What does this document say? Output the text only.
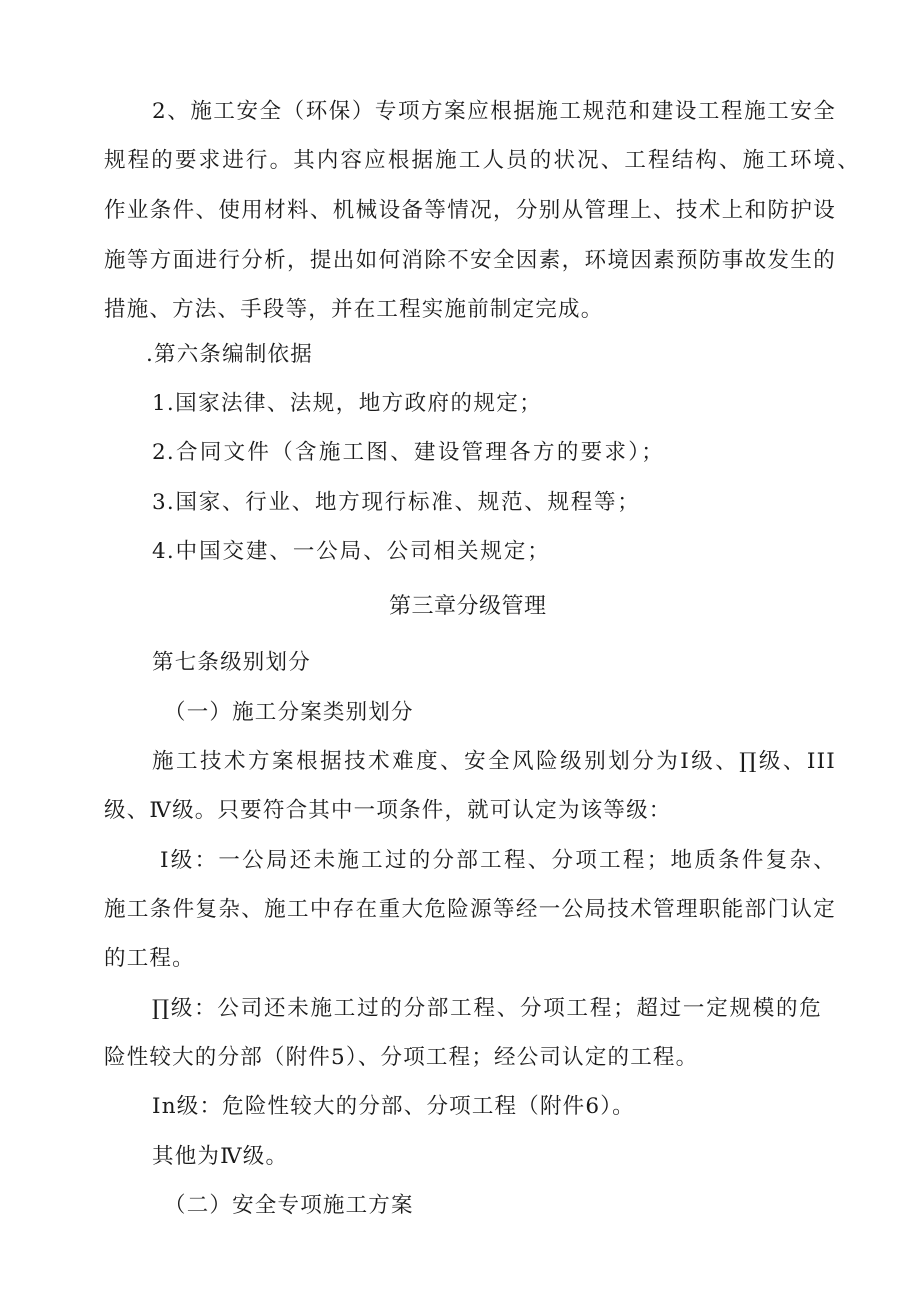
2、施工安全（环保）专项方案应根据施工规范和建设工程施工安全
规程的要求进行。其内容应根据施工人员的状况、工程结构、施工环境、
作业条件、使用材料、机械设备等情况，分别从管理上、技术上和防护设
施等方面进行分析，提出如何消除不安全因素，环境因素预防事故发生的
措施、方法、手段等，并在工程实施前制定完成。
.第六条编制依据
1.国家法律、法规，地方政府的规定；
2.合同文件（含施工图、建设管理各方的要求）；
3.国家、行业、地方现行标准、规范、规程等；
4.中国交建、一公局、公司相关规定；
第三章分级管理
第七条级别划分
（一）施工分案类别划分
施工技术方案根据技术难度、安全风险级别划分为Ⅰ级、∏级、III
级、Ⅳ级。只要符合其中一项条件，就可认定为该等级：
Ⅰ级：一公局还未施工过的分部工程、分项工程；地质条件复杂、
施工条件复杂、施工中存在重大危险源等经一公局技术管理职能部门认定
的工程。
∏级：公司还未施工过的分部工程、分项工程；超过一定规模的危
险性较大的分部（附件5）、分项工程；经公司认定的工程。
In级：危险性较大的分部、分项工程（附件6）。
其他为Ⅳ级。
（二）安全专项施工方案
